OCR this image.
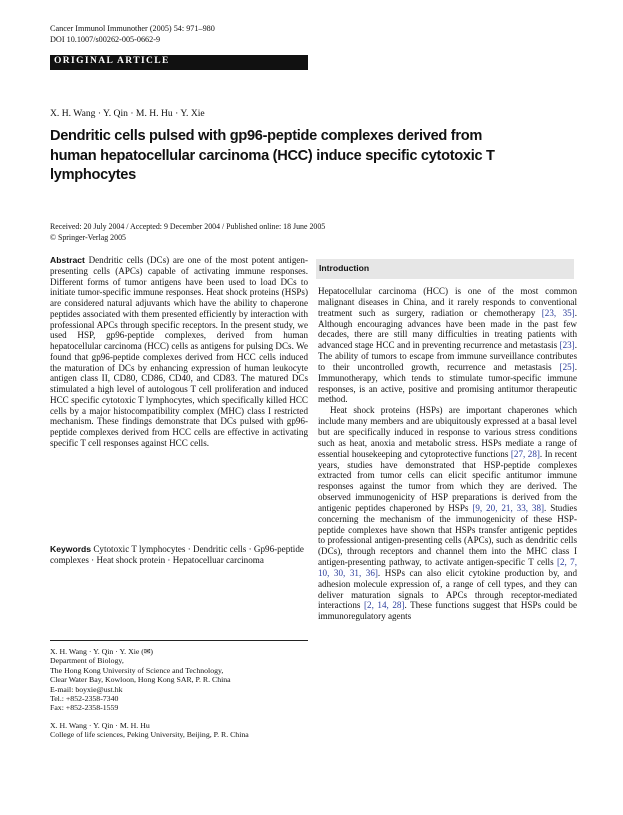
Cancer Immunol Immunother (2005) 54: 971–980
DOI 10.1007/s00262-005-0662-9
ORIGINAL ARTICLE
X. H. Wang · Y. Qin · M. H. Hu · Y. Xie
Dendritic cells pulsed with gp96-peptide complexes derived from human hepatocellular carcinoma (HCC) induce specific cytotoxic T lymphocytes
Received: 20 July 2004 / Accepted: 9 December 2004 / Published online: 18 June 2005
© Springer-Verlag 2005
Abstract Dendritic cells (DCs) are one of the most potent antigen-presenting cells (APCs) capable of activating immune responses. Different forms of tumor antigens have been used to load DCs to initiate tumor-specific immune responses. Heat shock proteins (HSPs) are considered natural adjuvants which have the ability to chaperone peptides associated with them presented efficiently by interaction with professional APCs through specific receptors. In the present study, we used HSP, gp96-peptide complexes, derived from human hepatocellular carcinoma (HCC) cells as antigens for pulsing DCs. We found that gp96-peptide complexes derived from HCC cells induced the maturation of DCs by enhancing expression of human leukocyte antigen class II, CD80, CD86, CD40, and CD83. The matured DCs stimulated a high level of autologous T cell proliferation and induced HCC specific cytotoxic T lymphocytes, which specifically killed HCC cells by a major histocompatibility complex (MHC) class I restricted mechanism. These findings demonstrate that DCs pulsed with gp96-peptide complexes derived from HCC cells are effective in activating specific T cell responses against HCC cells.
Keywords Cytotoxic T lymphocytes · Dendritic cells · Gp96-peptide complexes · Heat shock protein · Hepatocelluar carcinoma

X. H. Wang · Y. Qin · Y. Xie (✉)

Department of Biology,

The Hong Kong University of Science and Technology,

Clear Water Bay, Kowloon, Hong Kong SAR, P. R. China

E-mail: boyxie@ust.hk

Tel.: +852-2358-7340

Fax: +852-2358-1559

X. H. Wang · Y. Qin · M. H. Hu

College of life sciences, Peking University, Beijing, P. R. China

Introduction

Hepatocellular carcinoma (HCC) is one of the most common malignant diseases in China, and it rarely responds to conventional treatment such as surgery, radiation or chemotherapy [23, 35]. Although encouraging advances have been made in the past few decades, there are still many difficulties in treating patients with advanced stage HCC and in preventing recurrence and metastasis [23]. The ability of tumors to escape from immune surveillance contributes to their uncontrolled growth, recurrence and metastasis [25]. Immunotherapy, which tends to stimulate tumor-specific immune responses, is an active, positive and promising antitumor therapeutic method.

Heat shock proteins (HSPs) are important chaperones which include many members and are ubiquitously expressed at a basal level but are specifically induced in response to various stress conditions such as heat, anoxia and metabolic stress. HSPs mediate a range of essential housekeeping and cytoprotective functions [27, 28]. In recent years, studies have demonstrated that HSP-peptide complexes extracted from tumor cells can elicit specific antitumor immune responses against the tumor from which they are derived. The observed immunogenicity of HSP preparations is derived from the antigenic peptides chaperoned by HSPs [9, 20, 21, 33, 38]. Studies concerning the mechanism of the immunogenicity of these HSP-peptide complexes have shown that HSPs transfer antigenic peptides to professional antigen-presenting cells (APCs), such as dendritic cells (DCs), through receptors and channel them into the MHC class I antigen-presenting pathway, to activate antigen-specific T cells [2, 7, 10, 30, 31, 36]. HSPs can also elicit cytokine production by, and adhesion molecule expression of, a range of cell types, and they can deliver maturation signals to APCs through receptor-mediated interactions [2, 14, 28]. These functions suggest that HSPs could be immunoregulatory agents
